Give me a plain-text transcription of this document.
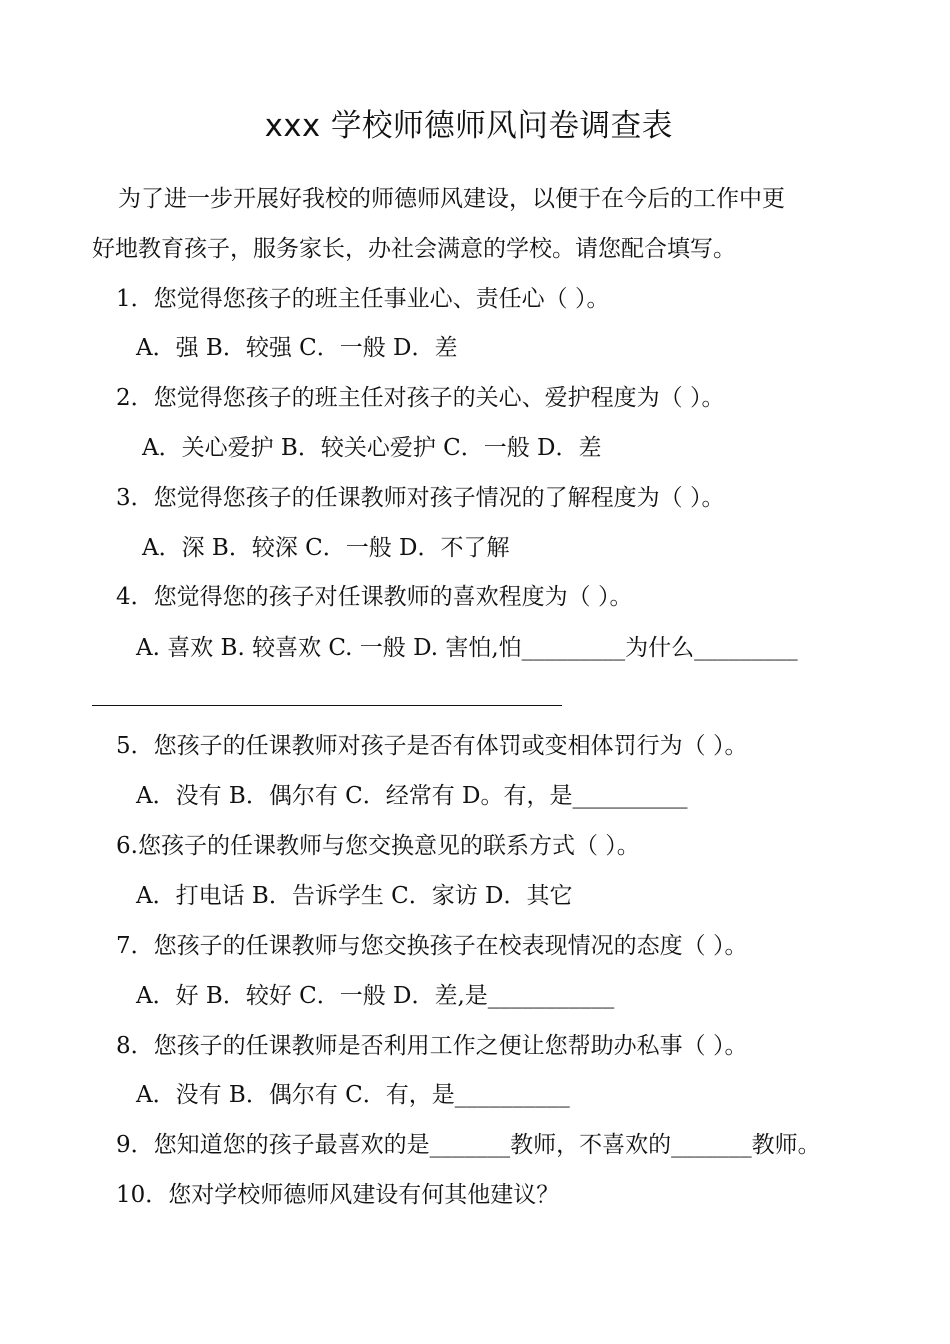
xxx 学校师德师风问卷调查表
为了进一步开展好我校的师德师风建设，以便于在今后的工作中更
好地教育孩子，服务家长，办社会满意的学校。请您配合填写。
1．您觉得您孩子的班主任事业心、责任心（ ）。
A．强 B．较强 C．一般 D．差
2．您觉得您孩子的班主任对孩子的关心、爱护程度为（ ）。
A．关心爱护 B．较关心爱护 C．一般 D．差
3．您觉得您孩子的任课教师对孩子情况的了解程度为（ ）。
A．深 B．较深 C．一般 D．不了解
4．您觉得您的孩子对任课教师的喜欢程度为（ ）。
A. 喜欢 B. 较喜欢 C. 一般 D. 害怕,怕_________为什么_________
5．您孩子的任课教师对孩子是否有体罚或变相体罚行为（ ）。
A．没有 B．偶尔有 C．经常有 D。有，是__________
6.您孩子的任课教师与您交换意见的联系方式（ ）。
A．打电话 B．告诉学生 C．家访 D．其它
7．您孩子的任课教师与您交换孩子在校表现情况的态度（ ）。
A．好 B．较好 C．一般 D．差,是___________
8．您孩子的任课教师是否利用工作之便让您帮助办私事（ ）。
A．没有 B．偶尔有 C．有，是__________
9．您知道您的孩子最喜欢的是_______教师，不喜欢的_______教师。
10．您对学校师德师风建设有何其他建议？
